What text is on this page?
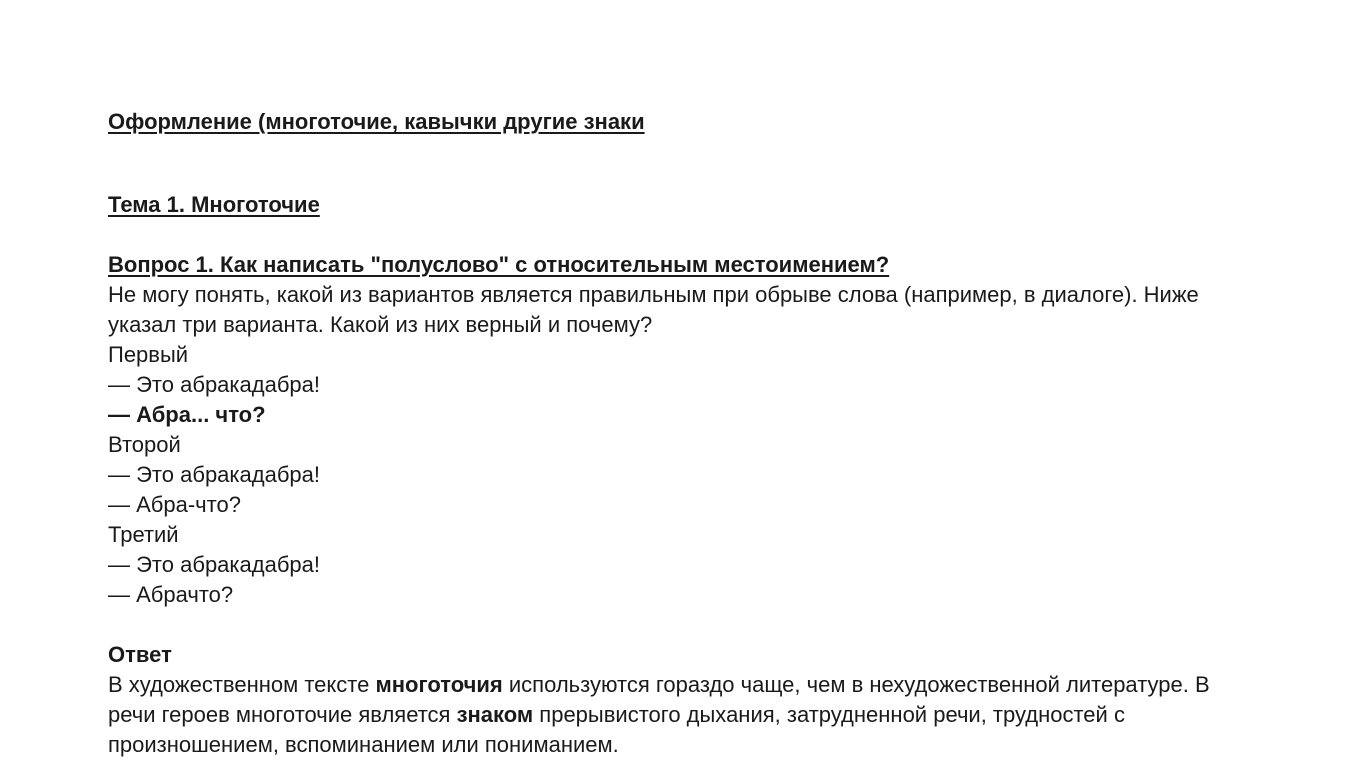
Оформление (многоточие, кавычки другие знаки
Тема 1. Многоточие
Вопрос 1. Как написать "полуслово" с относительным местоимением?
Не могу понять, какой из вариантов является правильным при обрыве слова (например, в диалоге). Ниже указал три варианта. Какой из них верный и почему?
Первый
— Это абракадабра!
— Абра... что?
Второй
— Это абракадабра!
— Абра-что?
Третий
— Это абракадабра!
— Абрачто?
Ответ
В художественном тексте многоточия используются гораздо чаще, чем в нехудожественной литературе. В речи героев многоточие является знаком прерывистого дыхания, затрудненной речи, трудностей с произношением, вспоминанием или пониманием.
